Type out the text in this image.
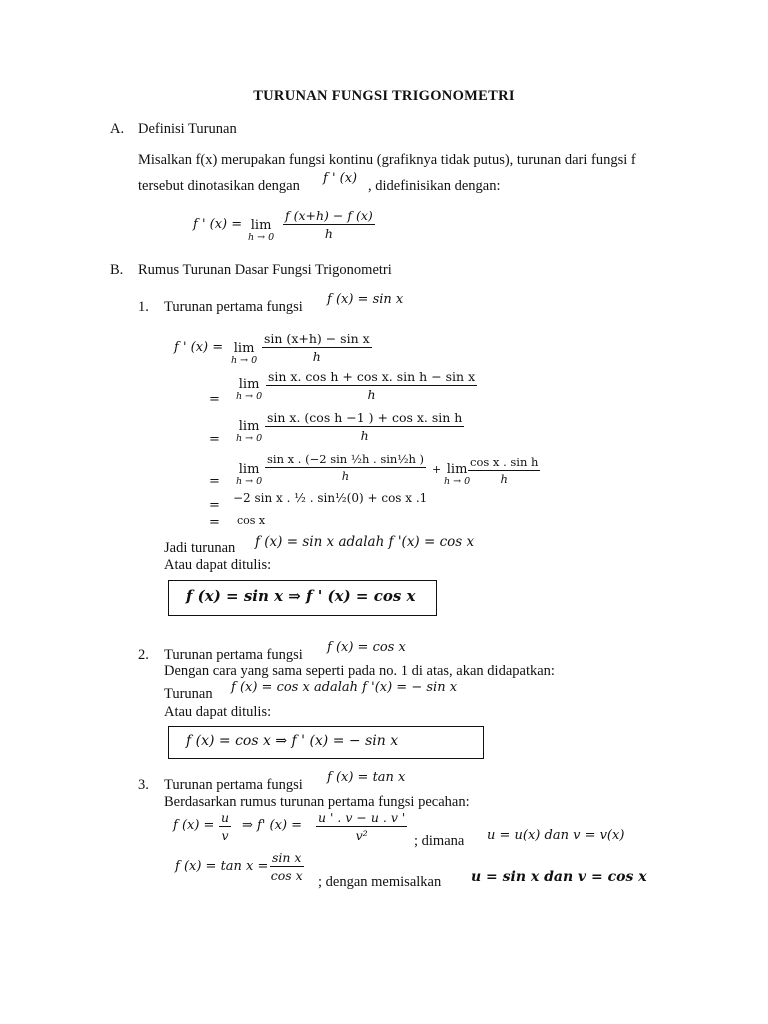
TURUNAN FUNGSI TRIGONOMETRI
A. Definisi Turunan
Misalkan f(x) merupakan fungsi kontinu (grafiknya tidak putus), turunan dari fungsi f
tersebut dinotasikan dengan f ' (x) , didefinisikan dengan:
f ' (x) = lim
$h \to 0 \frac{f (x+h) - f (x)}{h}$
B. Rumus Turunan Dasar Fungsi Trigonometri
1. Turunan pertama fungsi f (x) = sin x
f ' (x) = lim
$h \to 0 \frac{\text{sin (x+h) − sin x}}{h}$
=
lim
$h \to 0 \frac{\text{sin x. cos h + cos x. sin h − sin x}}{h}$
=
lim
$h \to 0 \frac{\text{sin x. (cos h −1 ) + cos x. sin h}}{h}$
=
lim
$h \to 0 \frac{\text{sin x . (−2 sin ½h . sin½h )}}{h} + \lim$
h → 0
$\frac{\text{cos x . sin h}}{h}$
= −2 sin x . ½ . sin½(0) + cos x .1
= cos x
Jadi turunan f (x) = sin x adalah f '(x) = cos x
Atau dapat ditulis:
f (x) = sin x ⇒ f ' (x) = cos x
2. Turunan pertama fungsi f (x) = cos x
Dengan cara yang sama seperti pada no. 1 di atas, akan didapatkan:
Turunan f (x) = cos x adalah f '(x) = − sin x
Atau dapat ditulis:
f (x) = cos x ⇒ f ' (x) = − sin x
3. Turunan pertama fungsi f (x) = tan x
Berdasarkan rumus turunan pertama fungsi pecahan:
f $(x) = \frac{u}{v}$ ⇒ f' $(x) = \frac{u ' . v - u . v '}{\text{v²}}$ ; dimana u = u(x) dan v = v(x)
f $(x) = \tan x = \frac{\text{sin x}}{\text{cos x}}$ ; dengan memisalkan u = sin x dan v = cos x
